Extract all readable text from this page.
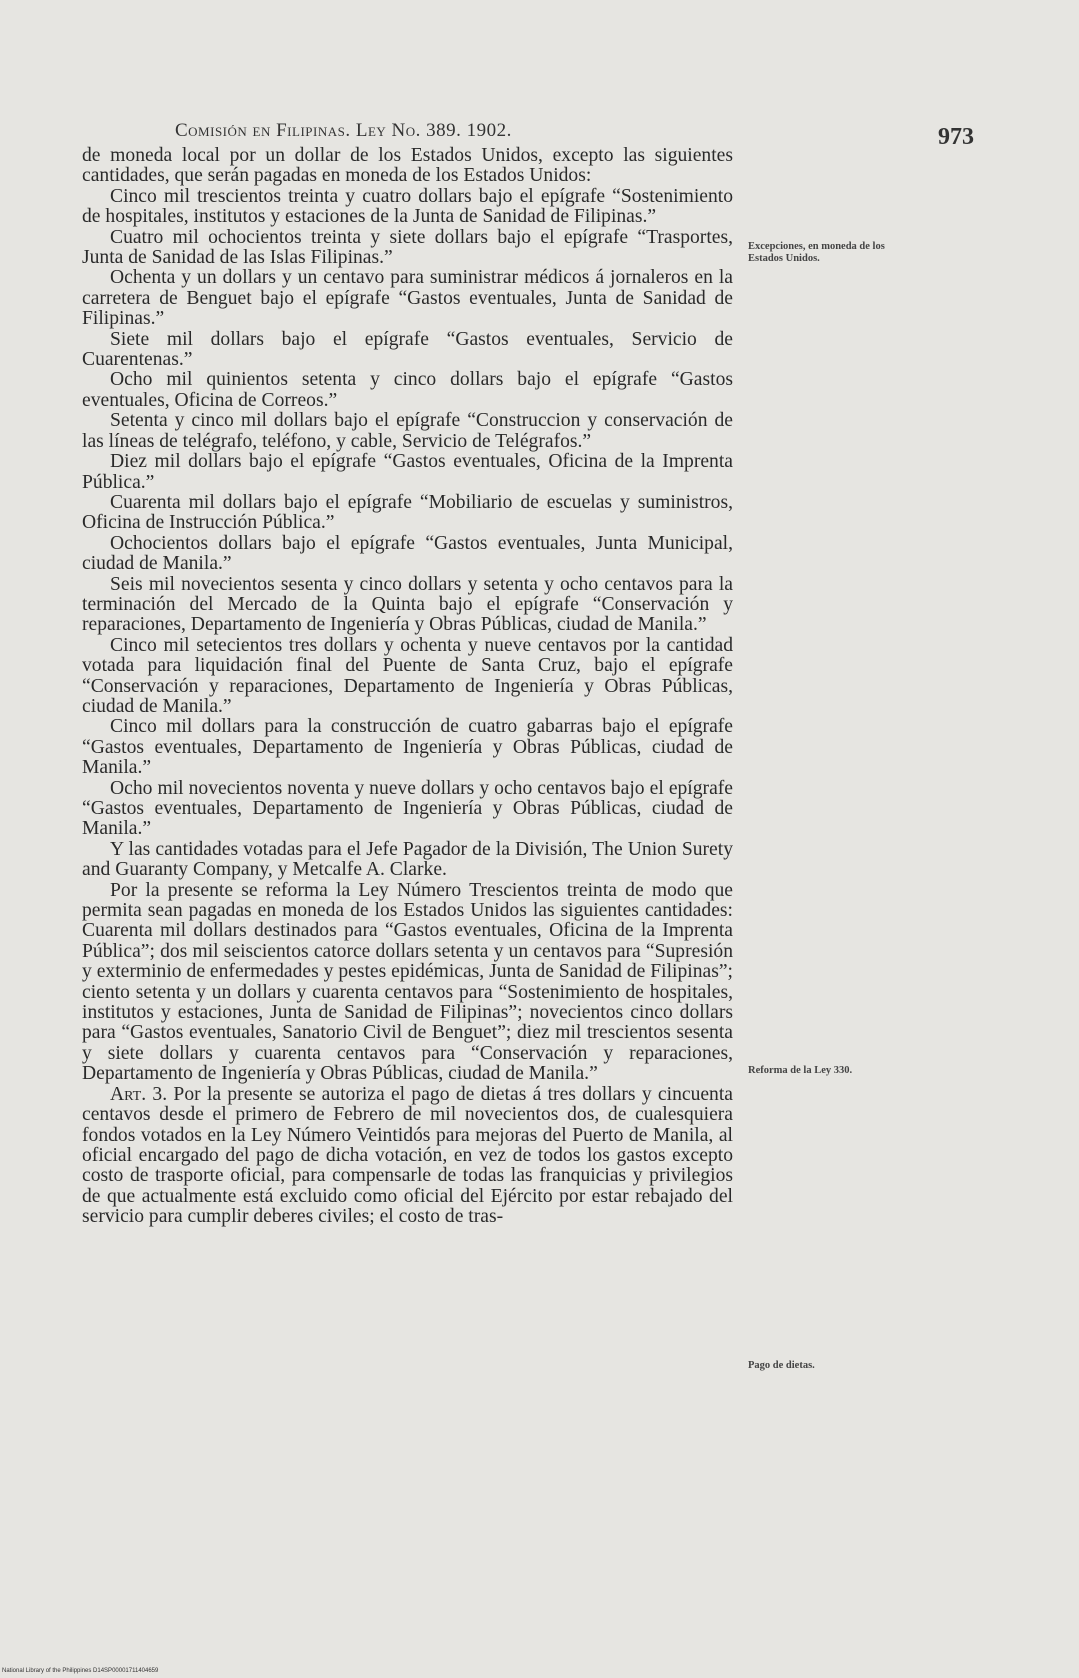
Comisión en Filipinas. Ley No. 389. 1902.	973

de moneda local por un dollar de los Estados Unidos, excepto las siguientes cantidades, que serán pagadas en moneda de los Estados Unidos:

Cinco mil trescientos treinta y cuatro dollars bajo el epígrafe “Sostenimiento de hospitales, institutos y estaciones de la Junta de Sanidad de Filipinas.”

Cuatro mil ochocientos treinta y siete dollars bajo el epígrafe “Trasportes, Junta de Sanidad de las Islas Filipinas.”

Ochenta y un dollars y un centavo para suministrar médicos á jornaleros en la carretera de Benguet bajo el epígrafe “Gastos eventuales, Junta de Sanidad de Filipinas.”

Siete mil dollars bajo el epígrafe “Gastos eventuales, Servicio de Cuarentenas.”

Ocho mil quinientos setenta y cinco dollars bajo el epígrafe “Gastos eventuales, Oficina de Correos.”

Setenta y cinco mil dollars bajo el epígrafe “Construccion y conservación de las líneas de telégrafo, teléfono, y cable, Servicio de Telégrafos.”

Diez mil dollars bajo el epígrafe “Gastos eventuales, Oficina de la Imprenta Pública.”

Cuarenta mil dollars bajo el epígrafe “Mobiliario de escuelas y suministros, Oficina de Instrucción Pública.”

Ochocientos dollars bajo el epígrafe “Gastos eventuales, Junta Municipal, ciudad de Manila.”

Seis mil novecientos sesenta y cinco dollars y setenta y ocho centavos para la terminación del Mercado de la Quinta bajo el epígrafe “Conservación y reparaciones, Departamento de Ingeniería y Obras Públicas, ciudad de Manila.”

Cinco mil setecientos tres dollars y ochenta y nueve centavos por la cantidad votada para liquidación final del Puente de Santa Cruz, bajo el epígrafe “Conservación y reparaciones, Departamento de Ingeniería y Obras Públicas, ciudad de Manila.”

Cinco mil dollars para la construcción de cuatro gabarras bajo el epígrafe “Gastos eventuales, Departamento de Ingeniería y Obras Públicas, ciudad de Manila.”

Ocho mil novecientos noventa y nueve dollars y ocho centavos bajo el epígrafe “Gastos eventuales, Departamento de Ingeniería y Obras Públicas, ciudad de Manila.”

Y las cantidades votadas para el Jefe Pagador de la División, The Union Surety and Guaranty Company, y Metcalfe A. Clarke.

Por la presente se reforma la Ley Número Trescientos treinta de modo que permita sean pagadas en moneda de los Estados Unidos las siguientes cantidades: Cuarenta mil dollars destinados para “Gastos eventuales, Oficina de la Imprenta Pública”; dos mil seiscientos catorce dollars setenta y un centavos para “Supresión y exterminio de enfermedades y pestes epidémicas, Junta de Sanidad de Filipinas”; ciento setenta y un dollars y cuarenta centavos para “Sostenimiento de hospitales, institutos y estaciones, Junta de Sanidad de Filipinas”; novecientos cinco dollars para “Gastos eventuales, Sanatorio Civil de Benguet”; diez mil trescientos sesenta y siete dollars y cuarenta centavos para “Conservación y reparaciones, Departamento de Ingeniería y Obras Públicas, ciudad de Manila.”

Art. 3. Por la presente se autoriza el pago de dietas á tres dollars y cincuenta centavos desde el primero de Febrero de mil novecientos dos, de cualesquiera fondos votados en la Ley Número Veintidós para mejoras del Puerto de Manila, al oficial encargado del pago de dicha votación, en vez de todos los gastos excepto costo de trasporte oficial, para compensarle de todas las franquicias y privilegios de que actualmente está excluido como oficial del Ejército por estar rebajado del servicio para cumplir deberes civiles; el costo de tras-

Excepciones, en moneda de los Estados Unidos.
Reforma de la Ley 330.
Pago de dietas.
National Library of the Philippines D14SP00001711404659
